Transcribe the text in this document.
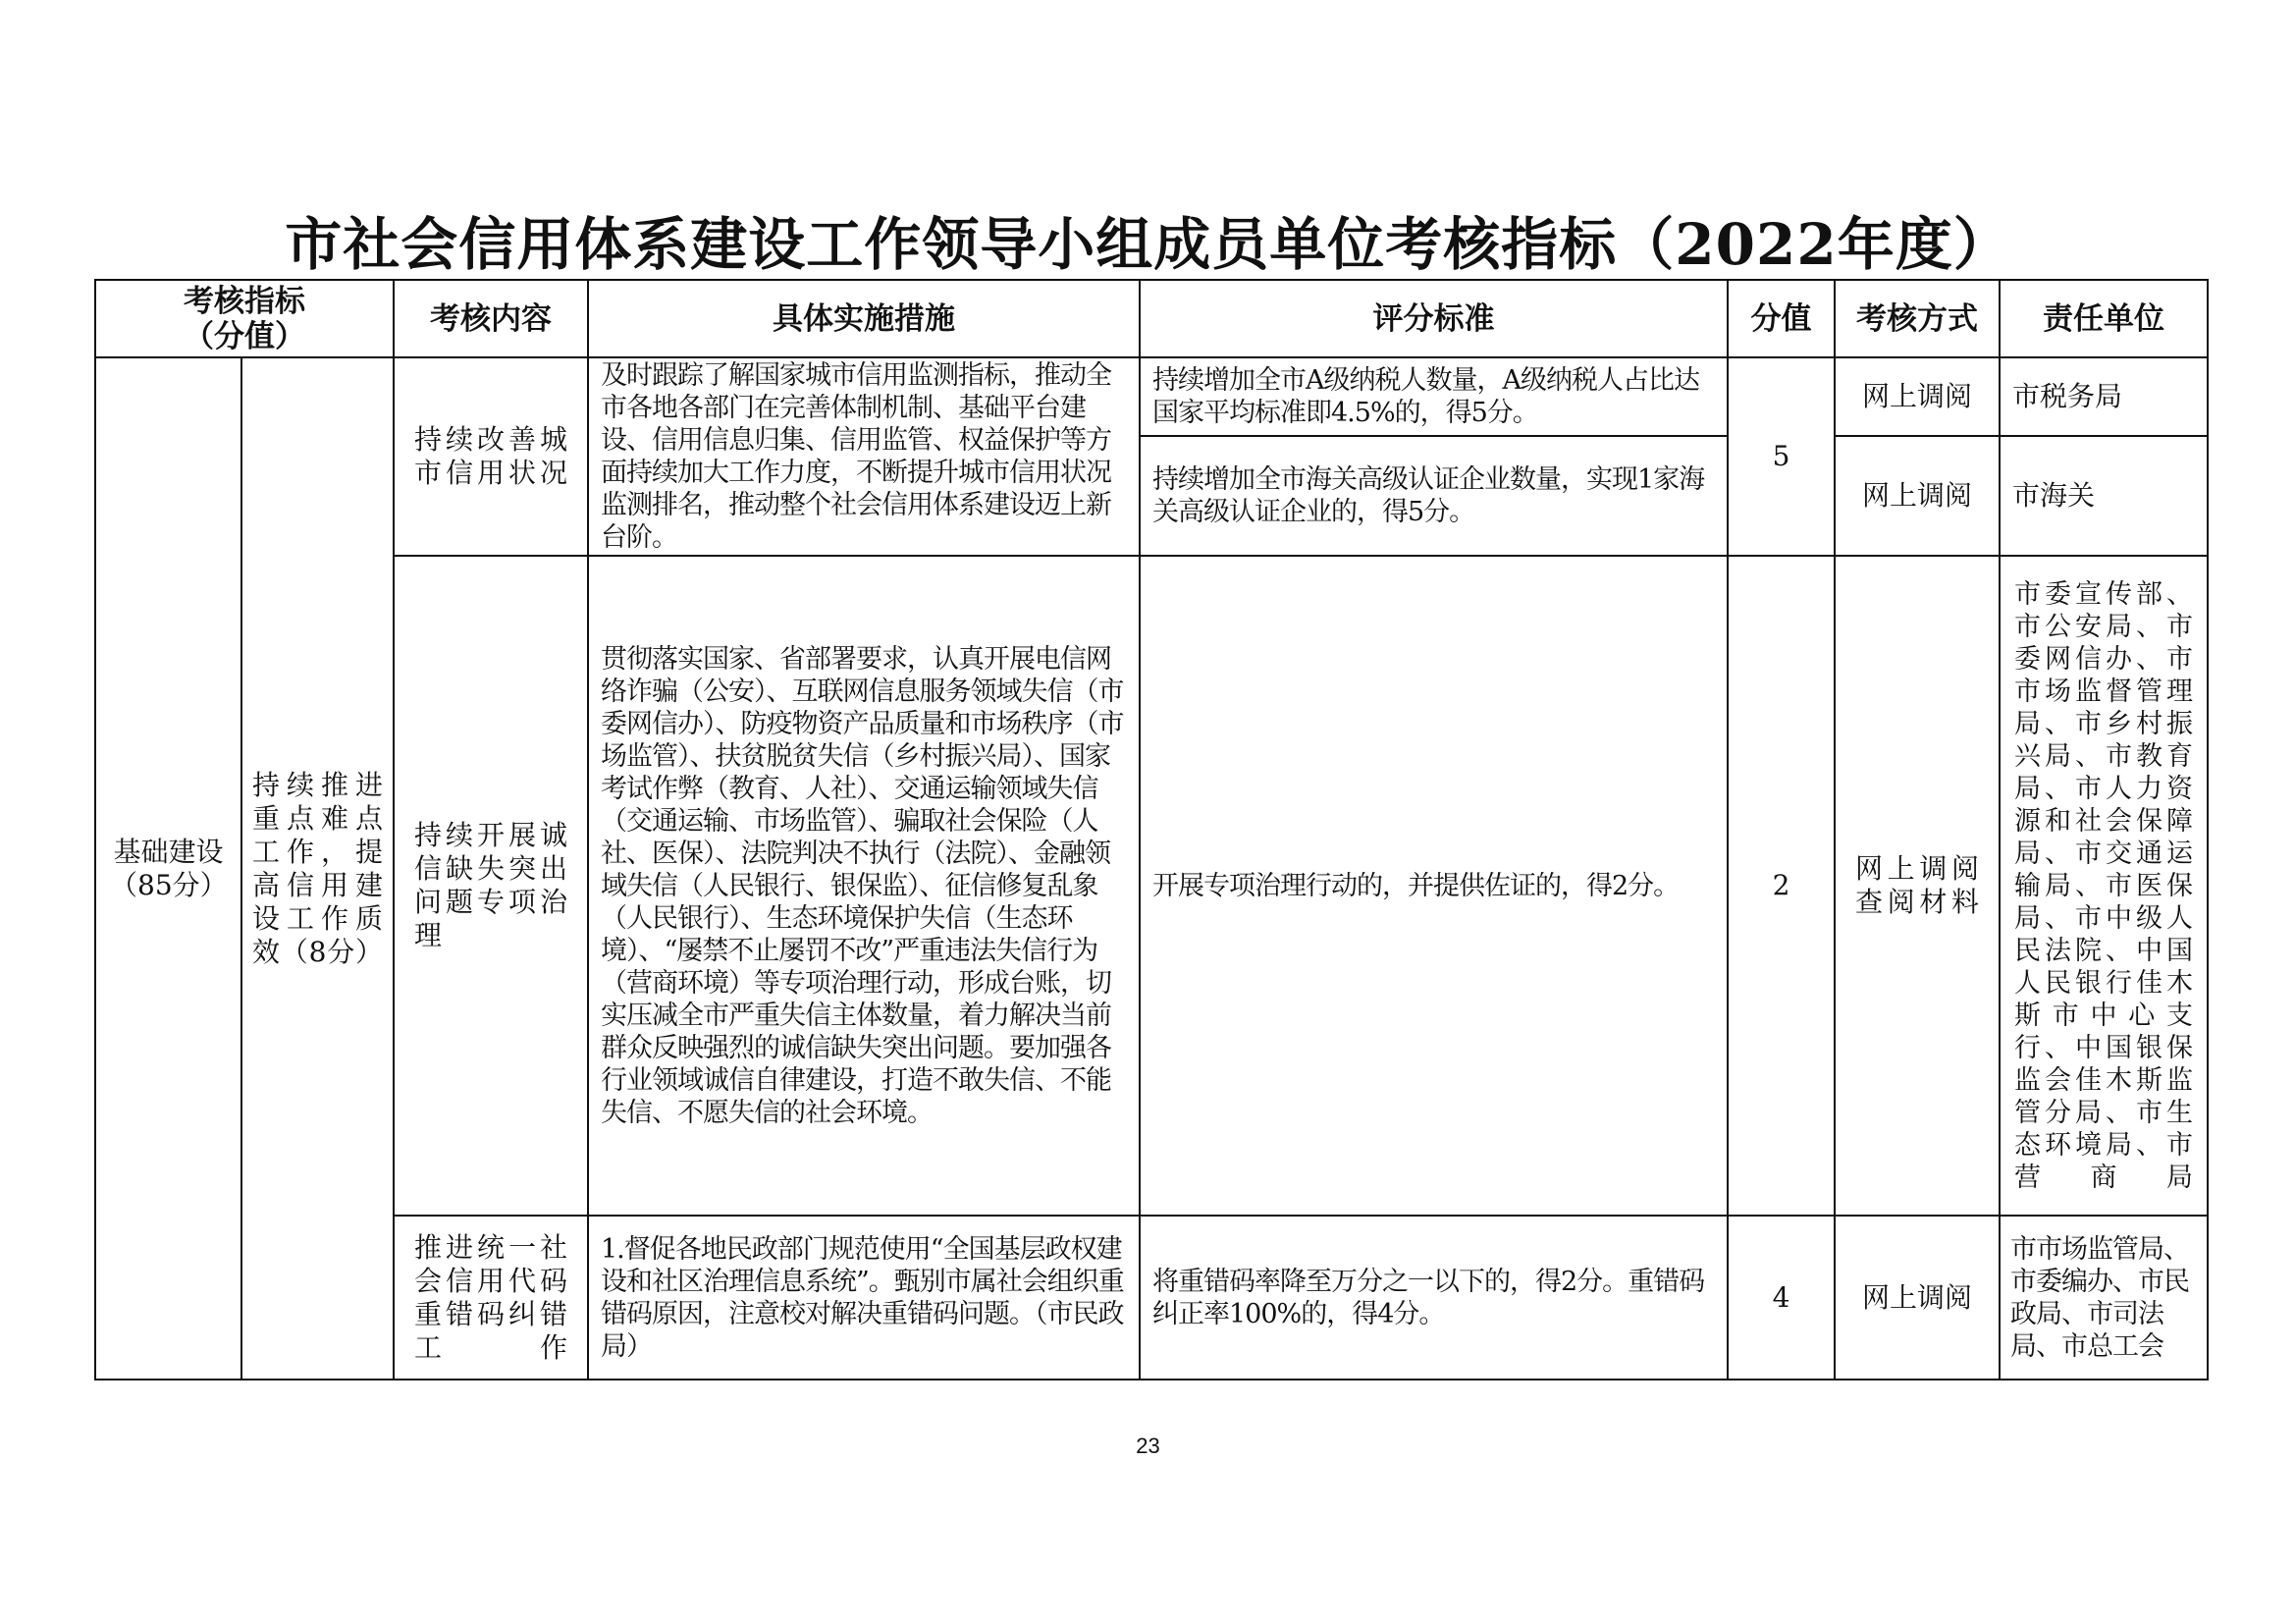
市社会信用体系建设工作领导小组成员单位考核指标（2022年度）
考核指标
（分值）		考核内容	具体实施措施	评分标准	分值	考核方式	责任单位
基础建设（85分）	持续推进重点难点工作，提高信用建设工作质效（8分）	持续改善城市信用状况	及时跟踪了解国家城市信用监测指标，推动全市各地各部门在完善体制机制、基础平台建设、信用信息归集、信用监管、权益保护等方面持续加大工作力度，不断提升城市信用状况监测排名，推动整个社会信用体系建设迈上新台阶。	持续增加全市A级纳税人数量，A级纳税人占比达国家平均标准即4.5%的，得5分。	5	网上调阅	市税务局
				持续增加全市海关高级认证企业数量，实现1家海关高级认证企业的，得5分。		网上调阅	市海关
		持续开展诚信缺失突出问题专项治理	贯彻落实国家、省部署要求，认真开展电信网络诈骗（公安）、互联网信息服务领域失信（市委网信办）、防疫物资产品质量和市场秩序（市场监管）、扶贫脱贫失信（乡村振兴局）、国家考试作弊（教育、人社）、交通运输领域失信（交通运输、市场监管）、骗取社会保险（人社、医保）、法院判决不执行（法院）、金融领域失信（人民银行、银保监）、征信修复乱象（人民银行）、生态环境保护失信（生态环境）、“屡禁不止屡罚不改”严重违法失信行为（营商环境）等专项治理行动，形成台账，切实压减全市严重失信主体数量，着力解决当前群众反映强烈的诚信缺失突出问题。要加强各行业领域诚信自律建设，打造不敢失信、不能失信、不愿失信的社会环境。	开展专项治理行动的，并提供佐证的，得2分。	2	网上调阅查阅材料	市委宣传部、市公安局、市委网信办、市市场监督管理局、市乡村振兴局、市教育局、市人力资源和社会保障局、市交通运输局、市医保局、市中级人民法院、中国人民银行佳木斯市中心支行、中国银保监会佳木斯监管分局、市生态环境局、市营商局
		推进统一社会信用代码重错码纠错工作	1.督促各地民政部门规范使用“全国基层政权建设和社区治理信息系统”。甄别市属社会组织重错码原因，注意校对解决重错码问题。（市民政局）	将重错码率降至万分之一以下的，得2分。重错码纠正率100%的，得4分。	4	网上调阅	市市场监管局、市委编办、市民政局、市司法局、市总工会
23
